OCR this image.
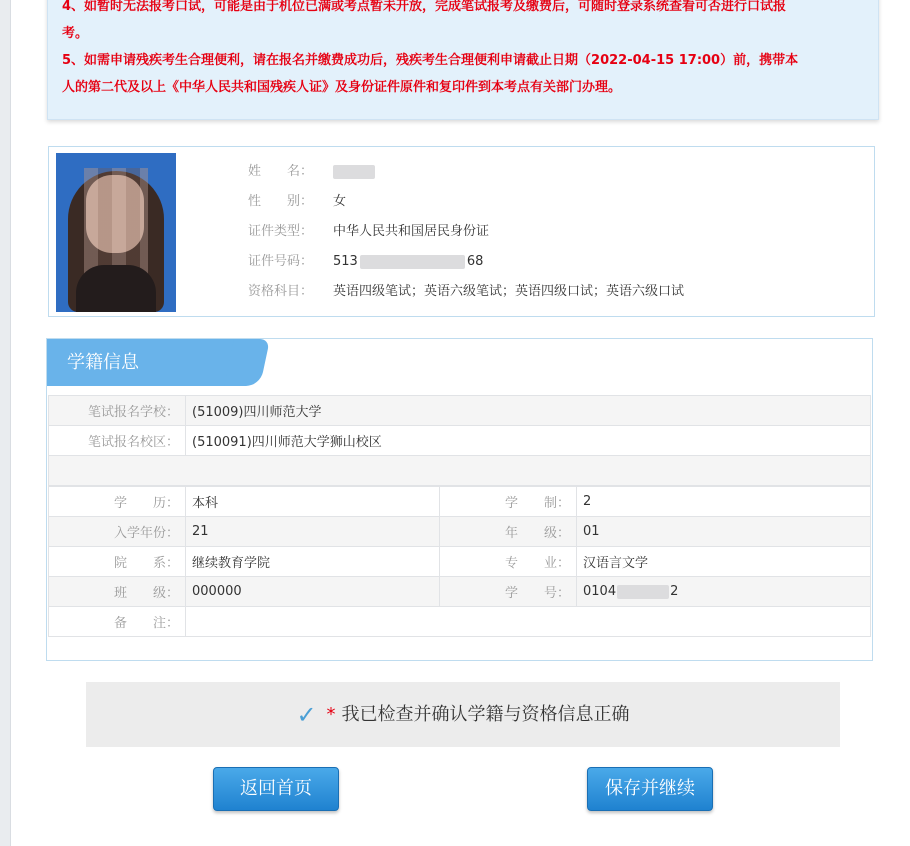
4、如暂时无法报考口试，可能是由于机位已满或考点暂未开放，完成笔试报考及缴费后，可随时登录系统查看可否进行口试报

考。

5、如需申请残疾考生合理便利，请在报名并缴费成功后，残疾考生合理便利申请截止日期（2022-04-15 17:00）前，携带本

人的第二代及以上《中华人民共和国残疾人证》及身份证件原件和复印件到本考点有关部门办理。

姓　　名：
性　　别： 女
证件类型： 中华人民共和国居民身份证
证件号码： 513	68
资格科目： 英语四级笔试；英语六级笔试；英语四级口试；英语六级口试
学籍信息
笔试报名学校：	(51009)四川师范大学
笔试报名校区：	(510091)四川师范大学狮山校区

学　　历：	本科	学　　制：	2
入学年份：	21	年　　级：	01
院　　系：	继续教育学院	专　　业：	汉语言文学
班　　级：	000000	学　　号：	0104 2
备　　注：			
✓ * 我已检查并确认学籍与资格信息正确
返回首页	保存并继续
